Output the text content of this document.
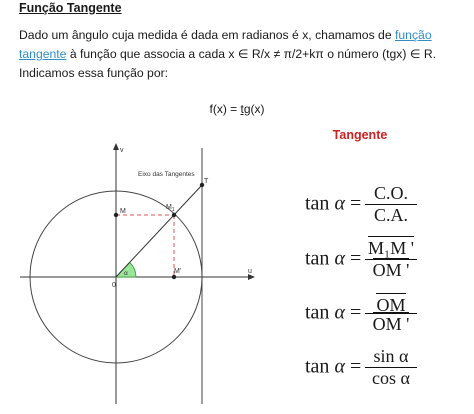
Função Tangente

Dado um ângulo cuja medida é dada em radianos é x, chamamos de função tangente à função que associa a cada x ∈ R/x ≠ π/2+kπ o número (tgx) ∈ R. Indicamos essa função por:

f(x) = tg(x)

Tangente
v
u
Eixo das Tangentes
T
M
$M_1$
M'
0
α
tan α = C.O.
C.A.
tan α = M₁M '
OM '
tan α = OM
OM '
tan α = sin α
cos α
